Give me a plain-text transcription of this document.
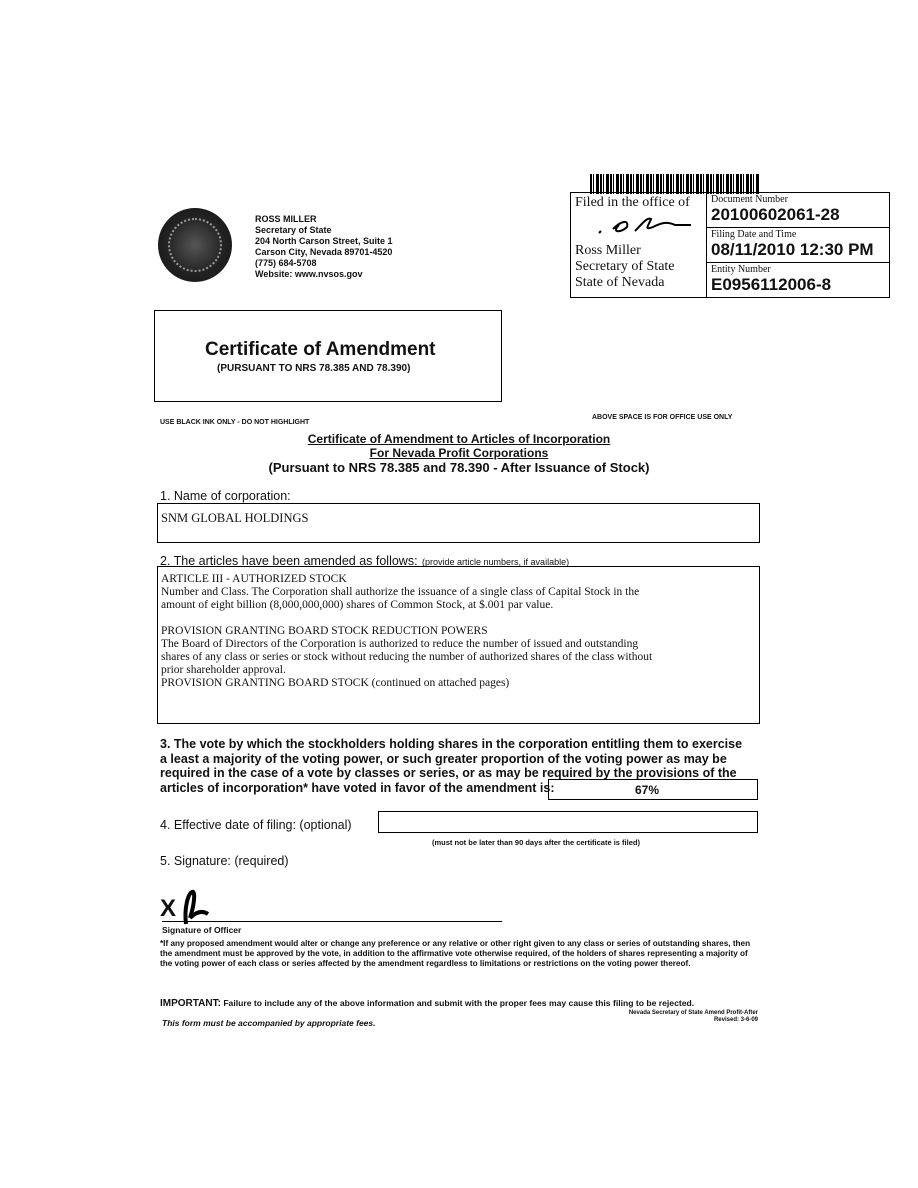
ROSS MILLER
Secretary of State
204 North Carson Street, Suite 1
Carson City, Nevada 89701-4520
(775) 684-5708
Website: www.nvsos.gov
Filed in the office of
Ross Miller
Secretary of State
State of Nevada
Document Number
20100602061-28
Filing Date and Time
08/11/2010 12:30 PM
Entity Number
E0956112006-8
Certificate of Amendment
(PURSUANT TO NRS 78.385 AND 78.390)
USE BLACK INK ONLY - DO NOT HIGHLIGHT
ABOVE SPACE IS FOR OFFICE USE ONLY
Certificate of Amendment to Articles of Incorporation
For Nevada Profit Corporations
(Pursuant to NRS 78.385 and 78.390 - After Issuance of Stock)
1. Name of corporation:
SNM GLOBAL HOLDINGS
2. The articles have been amended as follows: (provide article numbers, if available)
ARTICLE III - AUTHORIZED STOCK
Number and Class. The Corporation shall authorize the issuance of a single class of Capital Stock in the
amount of eight billion (8,000,000,000) shares of Common Stock, at $.001 par value.
PROVISION GRANTING BOARD STOCK REDUCTION POWERS
The Board of Directors of the Corporation is authorized to reduce the number of issued and outstanding
shares of any class or series or stock without reducing the number of authorized shares of the class without
prior shareholder approval.
PROVISION GRANTING BOARD STOCK (continued on attached pages)
3. The vote by which the stockholders holding shares in the corporation entitling them to exercise
a least a majority of the voting power, or such greater proportion of the voting power as may be
required in the case of a vote by classes or series, or as may be required by the provisions of the
articles of incorporation* have voted in favor of the amendment is:	67%
4. Effective date of filing: (optional)
(must not be later than 90 days after the certificate is filed)
5. Signature: (required)
X
Signature of Officer
*If any proposed amendment would alter or change any preference or any relative or other right given to any class or series of outstanding shares, then the amendment must be approved by the vote, in addition to the affirmative vote otherwise required, of the holders of shares representing a majority of the voting power of each class or series affected by the amendment regardless to limitations or restrictions on the voting power thereof.
IMPORTANT: Failure to include any of the above information and submit with the proper fees may cause this filing to be rejected.
This form must be accompanied by appropriate fees.
Nevada Secretary of State Amend Profit-After
Revised: 3-6-09
